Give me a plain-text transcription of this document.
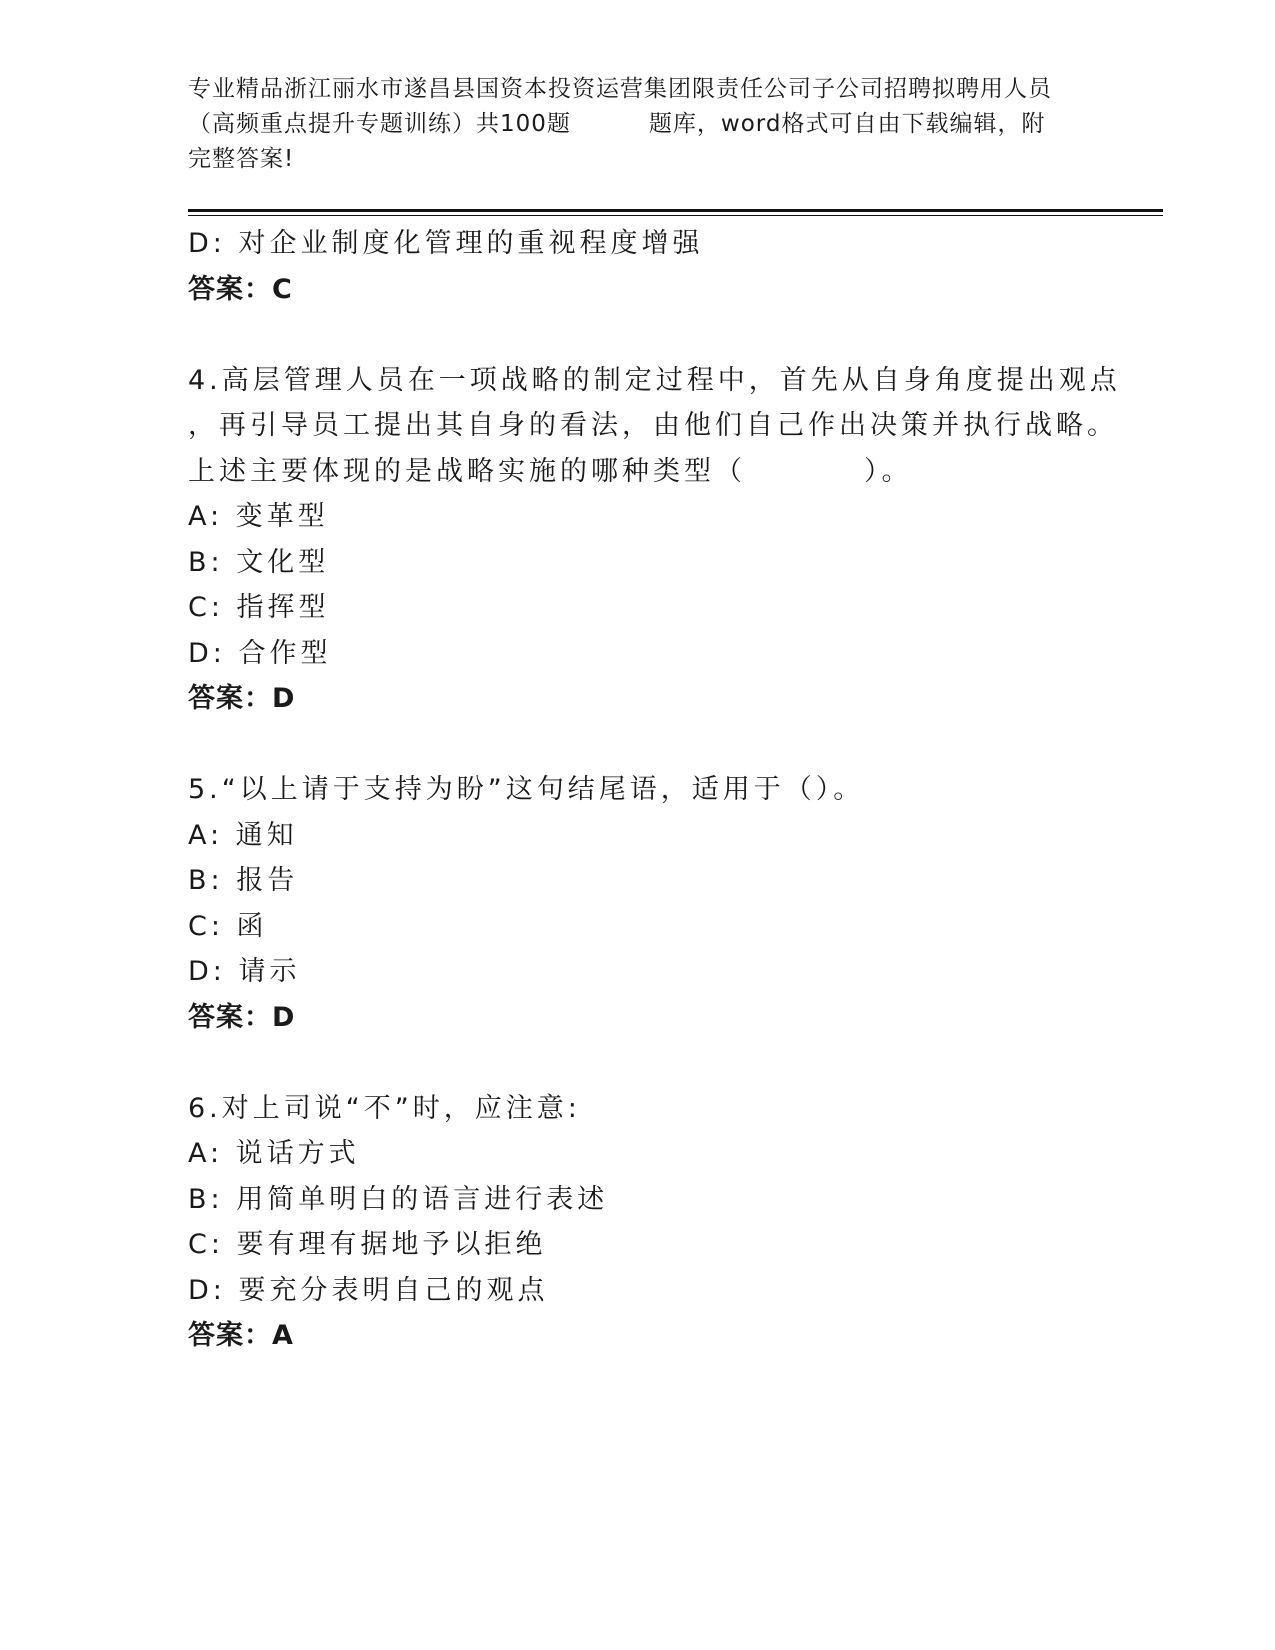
专业精品浙江丽水市遂昌县国资本投资运营集团限责任公司子公司招聘拟聘用人员
（高频重点提升专题训练）共100题	题库，word格式可自由下载编辑，附
完整答案!
D: 对企业制度化管理的重视程度增强
答案：C
4.高层管理人员在一项战略的制定过程中，首先从自身角度提出观点
，再引导员工提出其自身的看法，由他们自己作出决策并执行战略。
上述主要体现的是战略实施的哪种类型（	）。
A: 变革型
B: 文化型
C: 指挥型
D: 合作型
答案：D
5.“以上请于支持为盼”这句结尾语，适用于（）。
A: 通知
B: 报告
C: 函
D: 请示
答案：D
6.对上司说“不”时，应注意:
A: 说话方式
B: 用简单明白的语言进行表述
C: 要有理有据地予以拒绝
D: 要充分表明自己的观点
答案：A
